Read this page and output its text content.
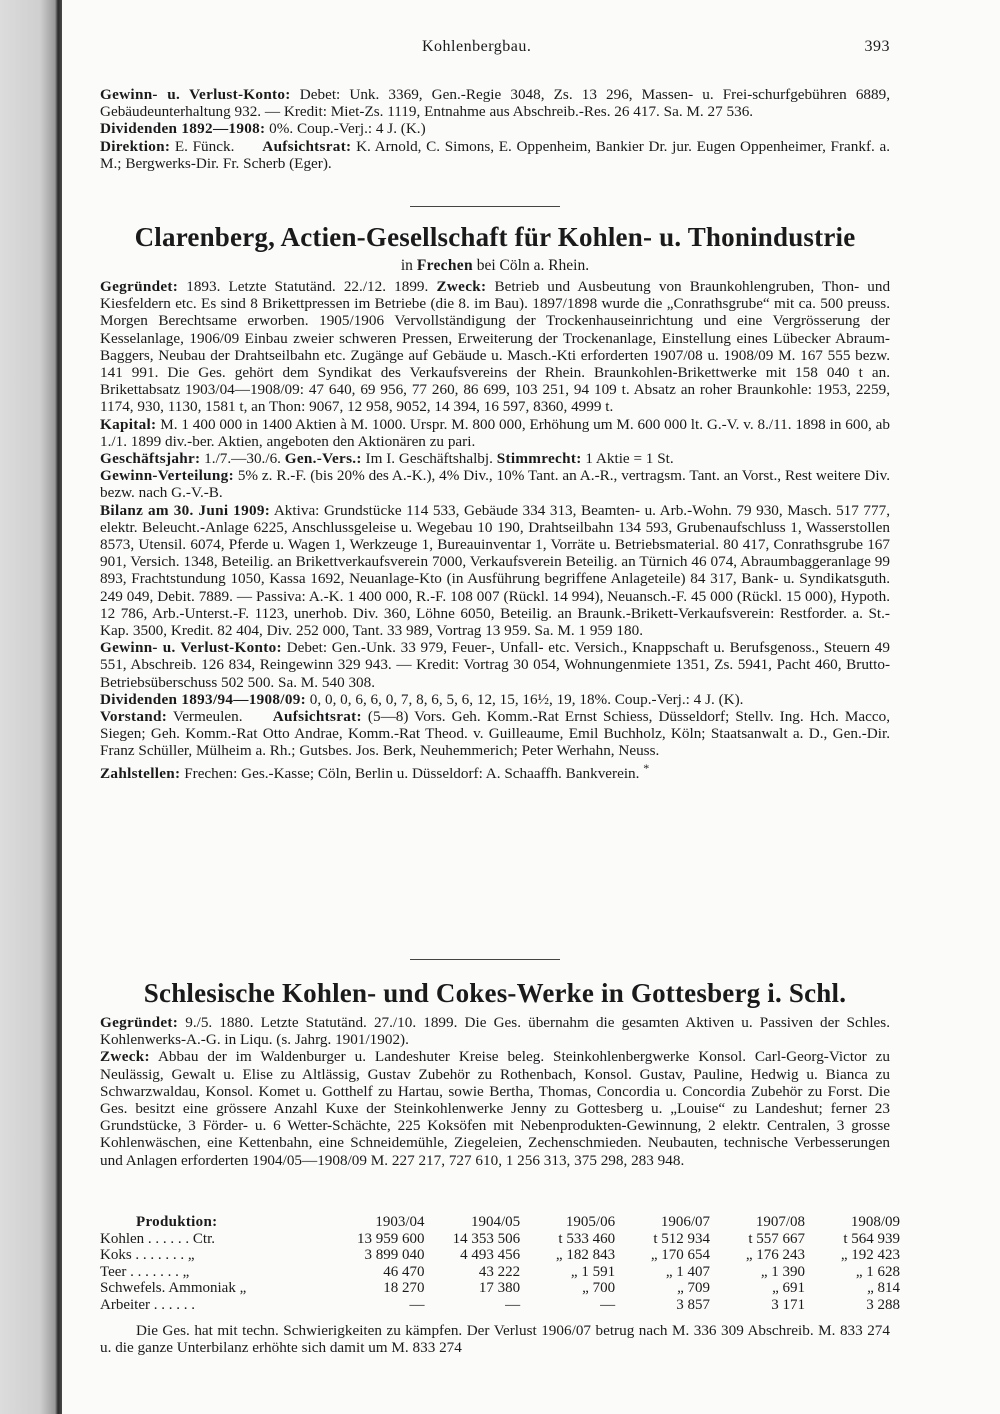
Kohlenbergbau.	393

Gewinn- u. Verlust-Konto: Debet: Unk. 3369, Gen.-Regie 3048, Zs. 13 296, Massen- u. Frei-schurfgebühren 6889, Gebäudeunterhaltung 932. — Kredit: Miet-Zs. 1119, Entnahme aus Abschreib.-Res. 26 417. Sa. M. 27 536.

Dividenden 1892—1908: 0%. Coup.-Verj.: 4 J. (K.)

Direktion: E. Fünck. Aufsichtsrat: K. Arnold, C. Simons, E. Oppenheim, Bankier Dr. jur. Eugen Oppenheimer, Frankf. a. M.; Bergwerks-Dir. Fr. Scherb (Eger).

Clarenberg, Actien-Gesellschaft für Kohlen- u. Thonindustrie
in Frechen bei Cöln a. Rhein.

Gegründet: 1893. Letzte Statutänd. 22./12. 1899. Zweck: Betrieb und Ausbeutung von Braunkohlengruben, Thon- und Kiesfeldern etc. Es sind 8 Brikettpressen im Betriebe (die 8. im Bau). 1897/1898 wurde die „Conrathsgrube“ mit ca. 500 preuss. Morgen Berechtsame erworben. 1905/1906 Vervollständigung der Trockenhauseinrichtung und eine Vergrösserung der Kesselanlage, 1906/09 Einbau zweier schweren Pressen, Erweiterung der Trockenanlage, Einstellung eines Lübecker Abraum-Baggers, Neubau der Drahtseilbahn etc. Zugänge auf Gebäude u. Masch.-Kti erforderten 1907/08 u. 1908/09 M. 167 555 bezw. 141 991. Die Ges. gehört dem Syndikat des Verkaufsvereins der Rhein. Braunkohlen-Brikettwerke mit 158 040 t an. Brikettabsatz 1903/04—1908/09: 47 640, 69 956, 77 260, 86 699, 103 251, 94 109 t. Absatz an roher Braunkohle: 1953, 2259, 1174, 930, 1130, 1581 t, an Thon: 9067, 12 958, 9052, 14 394, 16 597, 8360, 4999 t.

Kapital: M. 1 400 000 in 1400 Aktien à M. 1000. Urspr. M. 800 000, Erhöhung um M. 600 000 lt. G.-V. v. 8./11. 1898 in 600, ab 1./1. 1899 div.-ber. Aktien, angeboten den Aktionären zu pari.

Geschäftsjahr: 1./7.—30./6. Gen.-Vers.: Im I. Geschäftshalbj. Stimmrecht: 1 Aktie = 1 St.

Gewinn-Verteilung: 5% z. R.-F. (bis 20% des A.-K.), 4% Div., 10% Tant. an A.-R., vertragsm. Tant. an Vorst., Rest weitere Div. bezw. nach G.-V.-B.

Bilanz am 30. Juni 1909: Aktiva: Grundstücke 114 533, Gebäude 334 313, Beamten- u. Arb.-Wohn. 79 930, Masch. 517 777, elektr. Beleucht.-Anlage 6225, Anschlussgeleise u. Wegebau 10 190, Drahtseilbahn 134 593, Grubenaufschluss 1, Wasserstollen 8573, Utensil. 6074, Pferde u. Wagen 1, Werkzeuge 1, Bureauinventar 1, Vorräte u. Betriebsmaterial. 80 417, Conrathsgrube 167 901, Versich. 1348, Beteilig. an Brikettverkaufsverein 7000, Verkaufsverein Beteilig. an Türnich 46 074, Abraumbaggeranlage 99 893, Frachtstundung 1050, Kassa 1692, Neuanlage-Kto (in Ausführung begriffene Anlageteile) 84 317, Bank- u. Syndikatsguth. 249 049, Debit. 7889. — Passiva: A.-K. 1 400 000, R.-F. 108 007 (Rückl. 14 994), Neuansch.-F. 45 000 (Rückl. 15 000), Hypoth. 12 786, Arb.-Unterst.-F. 1123, unerhob. Div. 360, Löhne 6050, Beteilig. an Braunk.-Brikett-Verkaufsverein: Restforder. a. St.-Kap. 3500, Kredit. 82 404, Div. 252 000, Tant. 33 989, Vortrag 13 959. Sa. M. 1 959 180.

Gewinn- u. Verlust-Konto: Debet: Gen.-Unk. 33 979, Feuer-, Unfall- etc. Versich., Knappschaft u. Berufsgenoss., Steuern 49 551, Abschreib. 126 834, Reingewinn 329 943. — Kredit: Vortrag 30 054, Wohnungenmiete 1351, Zs. 5941, Pacht 460, Brutto-Betriebsüberschuss 502 500. Sa. M. 540 308.

Dividenden 1893/94—1908/09: 0, 0, 0, 6, 6, 0, 7, 8, 6, 5, 6, 12, 15, 16½, 19, 18%. Coup.-Verj.: 4 J. (K).

Vorstand: Vermeulen. Aufsichtsrat: (5—8) Vors. Geh. Komm.-Rat Ernst Schiess, Düsseldorf; Stellv. Ing. Hch. Macco, Siegen; Geh. Komm.-Rat Otto Andrae, Komm.-Rat Theod. v. Guilleaume, Emil Buchholz, Köln; Staatsanwalt a. D., Gen.-Dir. Franz Schüller, Mülheim a. Rh.; Gutsbes. Jos. Berk, Neuhemmerich; Peter Werhahn, Neuss.

Zahlstellen: Frechen: Ges.-Kasse; Cöln, Berlin u. Düsseldorf: A. Schaaffh. Bankverein. *

Schlesische Kohlen- und Cokes-Werke in Gottesberg i. Schl.

Gegründet: 9./5. 1880. Letzte Statutänd. 27./10. 1899. Die Ges. übernahm die gesamten Aktiven u. Passiven der Schles. Kohlenwerks-A.-G. in Liqu. (s. Jahrg. 1901/1902).

Zweck: Abbau der im Waldenburger u. Landeshuter Kreise beleg. Steinkohlenbergwerke Konsol. Carl-Georg-Victor zu Neulässig, Gewalt u. Elise zu Altlässig, Gustav Zubehör zu Rothenbach, Konsol. Gustav, Pauline, Hedwig u. Bianca zu Schwarzwaldau, Konsol. Komet u. Gotthelf zu Hartau, sowie Bertha, Thomas, Concordia u. Concordia Zubehör zu Forst. Die Ges. besitzt eine grössere Anzahl Kuxe der Steinkohlenwerke Jenny zu Gottesberg u. „Louise“ zu Landeshut; ferner 23 Grundstücke, 3 Förder- u. 6 Wetter-Schächte, 225 Koksöfen mit Nebenprodukten-Gewinnung, 2 elektr. Centralen, 3 grosse Kohlenwäschen, eine Kettenbahn, eine Schneidemühle, Ziegeleien, Zechenschmieden. Neubauten, technische Verbesserungen und Anlagen erforderten 1904/05—1908/09 M. 227 217, 727 610, 1 256 313, 375 298, 283 948.

Produktion:	1903/04	1904/05	1905/06	1906/07	1907/08	1908/09
Kohlen . . . . . . Ctr.	13 959 600	14 353 506	t 533 460	t 512 934	t 557 667	t 564 939
Koks . . . . . . . „	3 899 040	4 493 456	„ 182 843	„ 170 654	„ 176 243	„ 192 423
Teer . . . . . . . „	46 470	43 222	„ 1 591	„ 1 407	„ 1 390	„ 1 628
Schwefels. Ammoniak „	18 270	17 380	„ 700	„ 709	„ 691	„ 814
Arbeiter . . . . . .	—	—	—	3 857	3 171	3 288

Die Ges. hat mit techn. Schwierigkeiten zu kämpfen. Der Verlust 1906/07 betrug nach M. 336 309 Abschreib. M. 833 274 u. die ganze Unterbilanz erhöhte sich damit um M. 833 274
